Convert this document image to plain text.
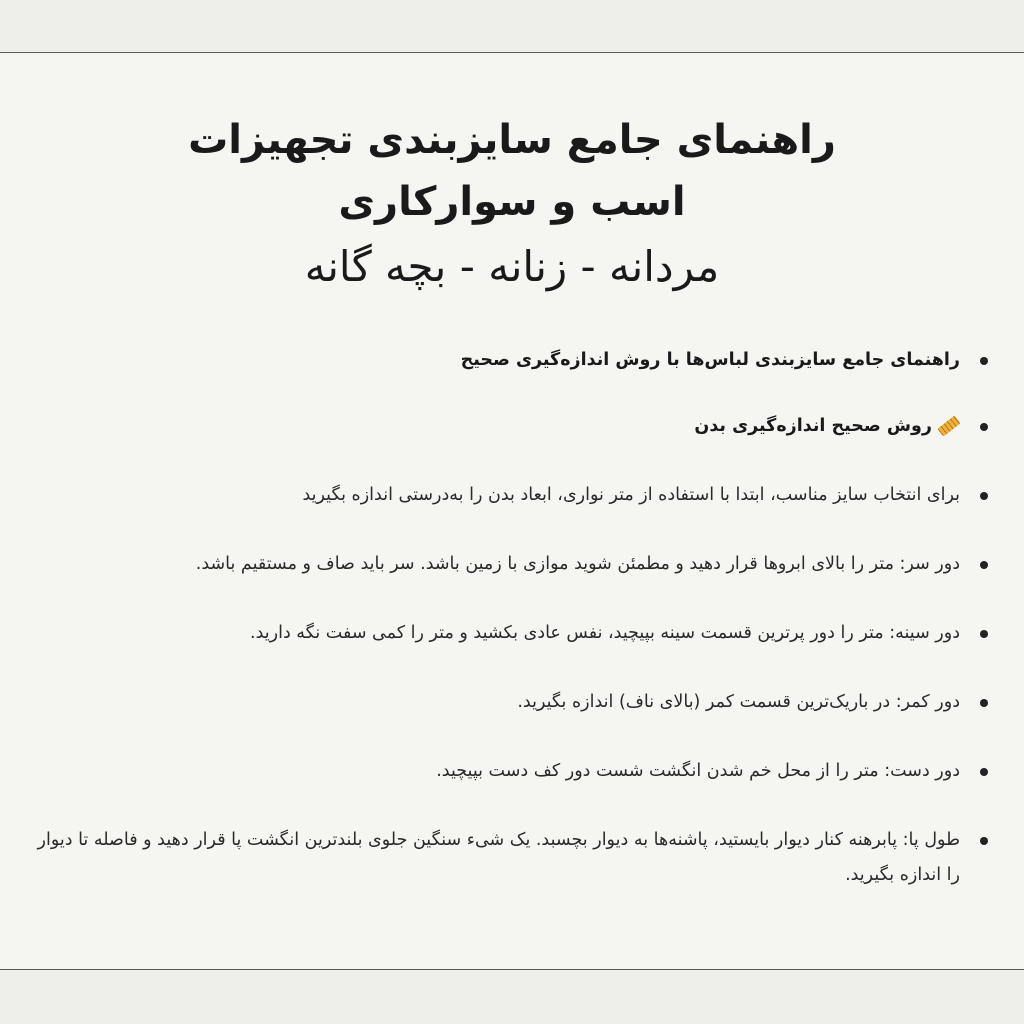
راهنمای جامع سایزبندی تجهیزات اسب و سوارکاری
مردانه - زنانه - بچه گانه
راهنمای جامع سایزبندی لباس‌ها با روش اندازه‌گیری صحیح
روش صحیح اندازه‌گیری بدن
برای انتخاب سایز مناسب، ابتدا با استفاده از متر نواری، ابعاد بدن را به‌درستی اندازه بگیرید
دور سر: متر را بالای ابروها قرار دهید و مطمئن شوید موازی با زمین باشد. سر باید صاف و مستقیم باشد.
دور سینه: متر را دور پرترین قسمت سینه بپیچید، نفس عادی بکشید و متر را کمی سفت نگه دارید.
دور کمر: در باریک‌ترین قسمت کمر (بالای ناف) اندازه بگیرید.
دور دست: متر را از محل خم شدن انگشت شست دور کف دست بپیچید.
طول پا: پابرهنه کنار دیوار بایستید، پاشنه‌ها به دیوار بچسبد. یک شیء سنگین جلوی بلندترین انگشت پا قرار دهید و فاصله تا دیوار را اندازه بگیرید.
